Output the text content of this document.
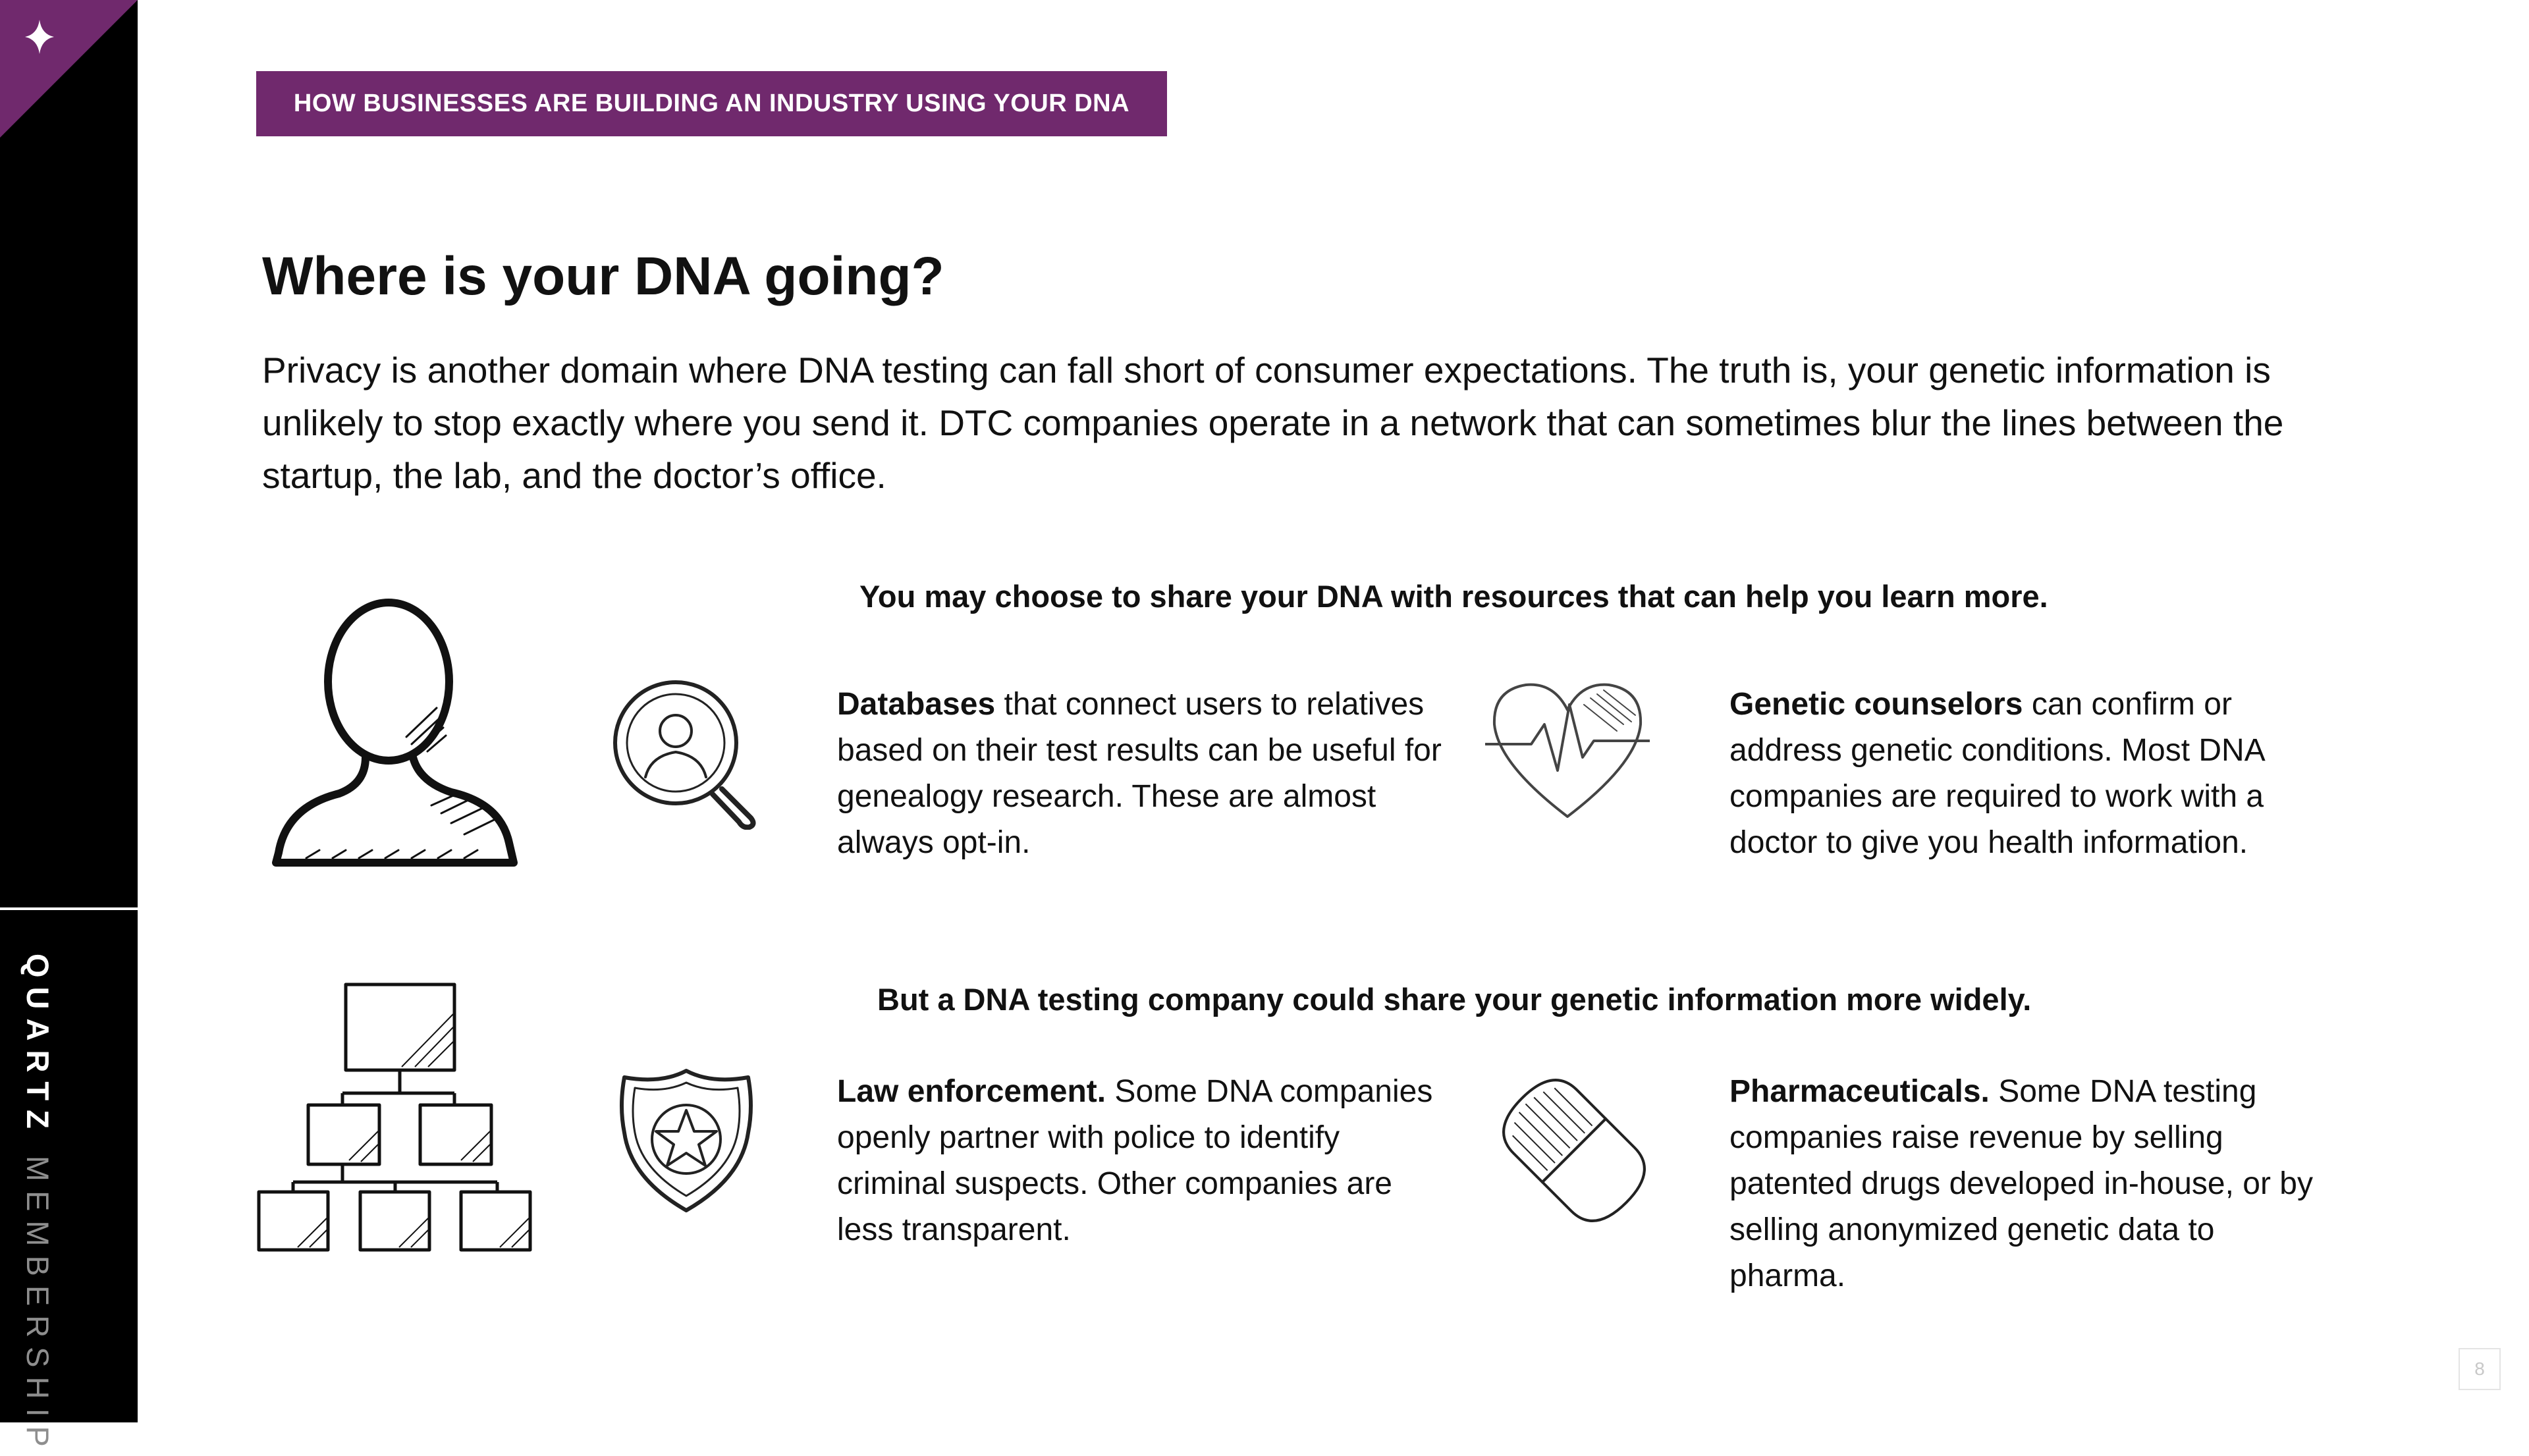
QUARTZ MEMBERSHIP
HOW BUSINESSES ARE BUILDING AN INDUSTRY USING YOUR DNA
Where is your DNA going?

Privacy is another domain where DNA testing can fall short of consumer expectations. The truth is, your genetic information is unlikely to stop exactly where you send it. DTC companies operate in a network that can sometimes blur the lines between the startup, the lab, and the doctor’s office.

You may choose to share your DNA with resources that can help you learn more.

Databases that connect users to relatives based on their test results can be useful for genealogy research. These are almost always opt-in.

Genetic counselors can confirm or address genetic conditions. Most DNA companies are required to work with a doctor to give you health information.

But a DNA testing company could share your genetic information more widely.

Law enforcement. Some DNA companies openly partner with police to identify criminal suspects. Other companies are less transparent.

Pharmaceuticals. Some DNA testing companies raise revenue by selling patented drugs developed in-house, or by selling anonymized genetic data to pharma.

8
